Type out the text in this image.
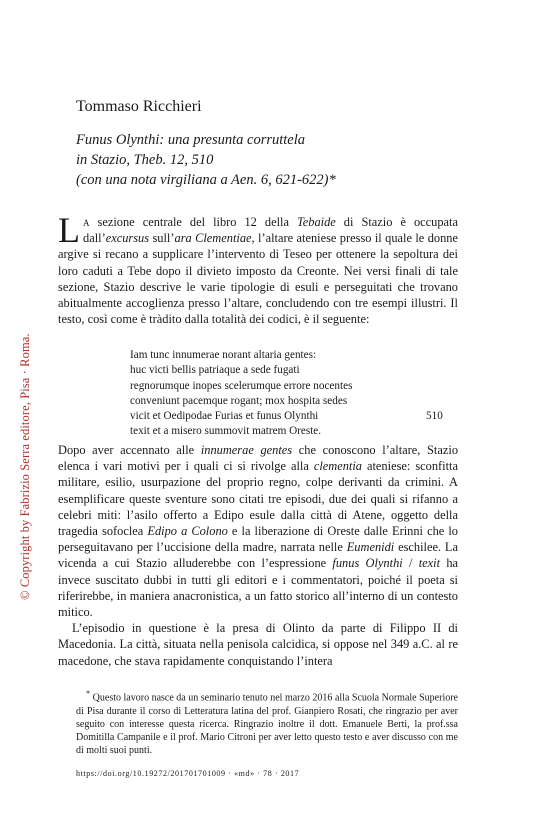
© Copyright by Fabrizio Serra editore, Pisa · Roma.
Tommaso Ricchieri
Funus Olynthi: una presunta corruttela
in Stazio, Theb. 12, 510
(con una nota virgiliana a Aen. 6, 621-622)*
La sezione centrale del libro 12 della Tebaide di Stazio è occupata dall’excursus sull’ara Clementiae, l’altare ateniese presso il quale le donne argive si recano a supplicare l’intervento di Teseo per ottenere la sepoltura dei loro caduti a Tebe dopo il divieto imposto da Creonte. Nei versi finali di tale sezione, Stazio descrive le varie tipologie di esuli e perseguitati che trovano abitualmente accoglienza presso l’altare, concludendo con tre esempi illustri. Il testo, così come è tràdito dalla totalità dei codici, è il seguente:
Iam tunc innumerae norant altaria gentes:
huc victi bellis patriaque a sede fugati
regnorumque inopes scelerumque errore nocentes
conveniunt pacemque rogant; mox hospita sedes
vicit et Oedipodae Furias et funus Olynthi	510
texit et a misero summovit matrem Oreste.

Dopo aver accennato alle innumerae gentes che conoscono l’altare, Stazio elenca i vari motivi per i quali ci si rivolge alla clementia ateniese: sconfitta militare, esilio, usurpazione del proprio regno, colpe derivanti da crimini. A esemplificare queste sventure sono citati tre episodi, due dei quali si rifanno a celebri miti: l’asilo offerto a Edipo esule dalla città di Atene, oggetto della tragedia sofoclea Edipo a Colono e la liberazione di Oreste dalle Erinni che lo perseguitavano per l’uccisione della madre, narrata nelle Eumenidi eschilee. La vicenda a cui Stazio alluderebbe con l’espressione funus Olynthi / texit ha invece suscitato dubbi in tutti gli editori e i commentatori, poiché il poeta si riferirebbe, in maniera anacronistica, a un fatto storico all’interno di un contesto mitico.

L’episodio in questione è la presa di Olinto da parte di Filippo II di Macedonia. La città, situata nella penisola calcidica, si oppose nel 349 a.C. al re macedone, che stava rapidamente conquistando l’intera

* Questo lavoro nasce da un seminario tenuto nel marzo 2016 alla Scuola Normale Superiore di Pisa durante il corso di Letteratura latina del prof. Gianpiero Rosati, che ringrazio per aver seguito con interesse questa ricerca. Ringrazio inoltre il dott. Emanuele Berti, la prof.ssa Domitilla Campanile e il prof. Mario Citroni per aver letto questo testo e aver discusso con me di molti suoi punti.

https://doi.org/10.19272/201701701009 · «md» · 78 · 2017
